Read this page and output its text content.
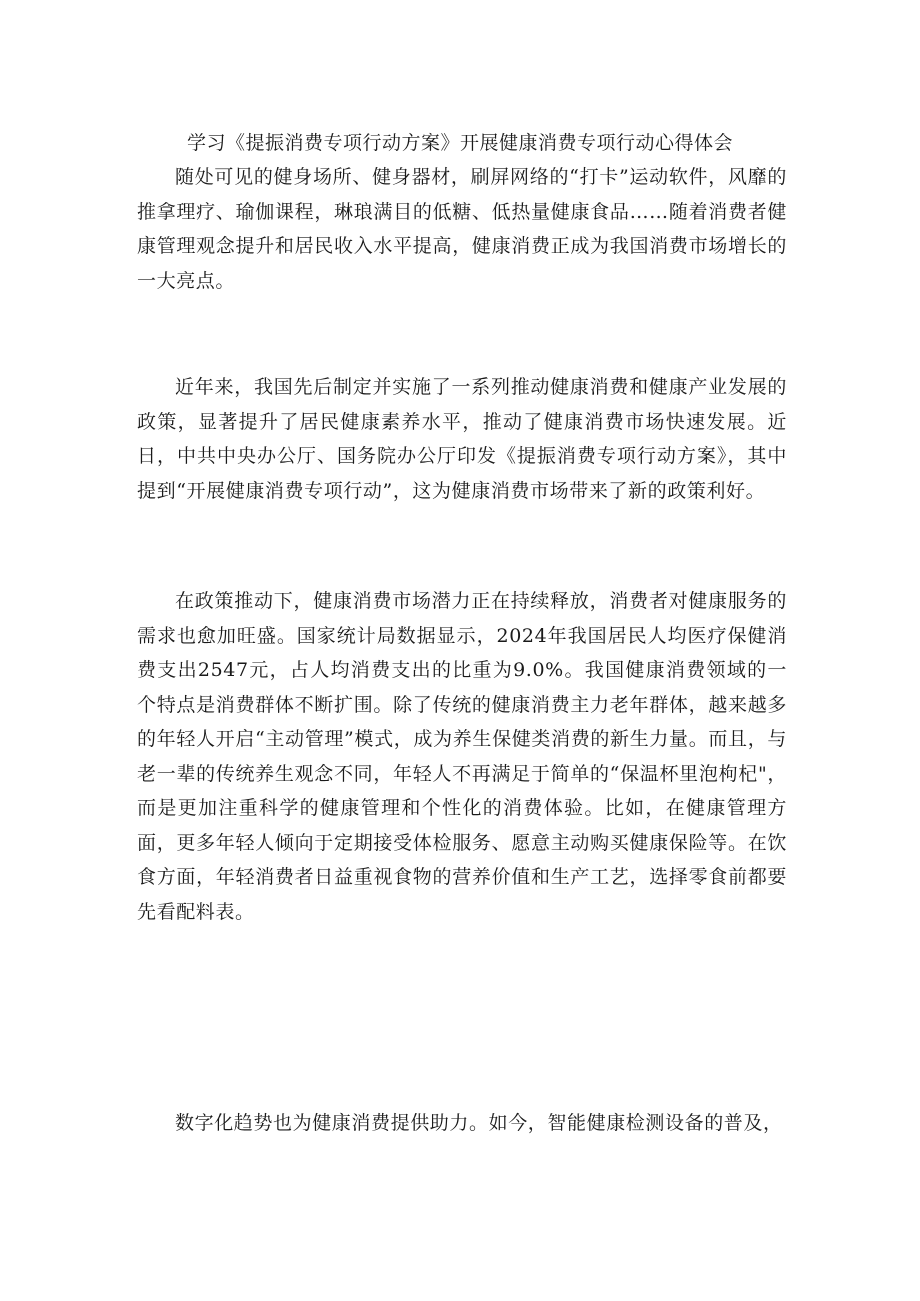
学习《提振消费专项行动方案》开展健康消费专项行动心得体会

随处可见的健身场所、健身器材，刷屏网络的“打卡”运动软件，风靡的推拿理疗、瑜伽课程，琳琅满目的低糖、低热量健康食品……随着消费者健康管理观念提升和居民收入水平提高，健康消费正成为我国消费市场增长的一大亮点。

近年来，我国先后制定并实施了一系列推动健康消费和健康产业发展的政策，显著提升了居民健康素养水平，推动了健康消费市场快速发展。近日，中共中央办公厅、国务院办公厅印发《提振消费专项行动方案》，其中提到“开展健康消费专项行动”，这为健康消费市场带来了新的政策利好。

在政策推动下，健康消费市场潜力正在持续释放，消费者对健康服务的需求也愈加旺盛。国家统计局数据显示，2024年我国居民人均医疗保健消费支出2547元，占人均消费支出的比重为9.0%。我国健康消费领域的一个特点是消费群体不断扩围。除了传统的健康消费主力老年群体，越来越多的年轻人开启“主动管理”模式，成为养生保健类消费的新生力量。而且，与老一辈的传统养生观念不同，年轻人不再满足于简单的“保温杯里泡枸杞"，而是更加注重科学的健康管理和个性化的消费体验。比如，在健康管理方面，更多年轻人倾向于定期接受体检服务、愿意主动购买健康保险等。在饮食方面，年轻消费者日益重视食物的营养价值和生产工艺，选择零食前都要先看配料表。

数字化趋势也为健康消费提供助力。如今，智能健康检测设备的普及，
